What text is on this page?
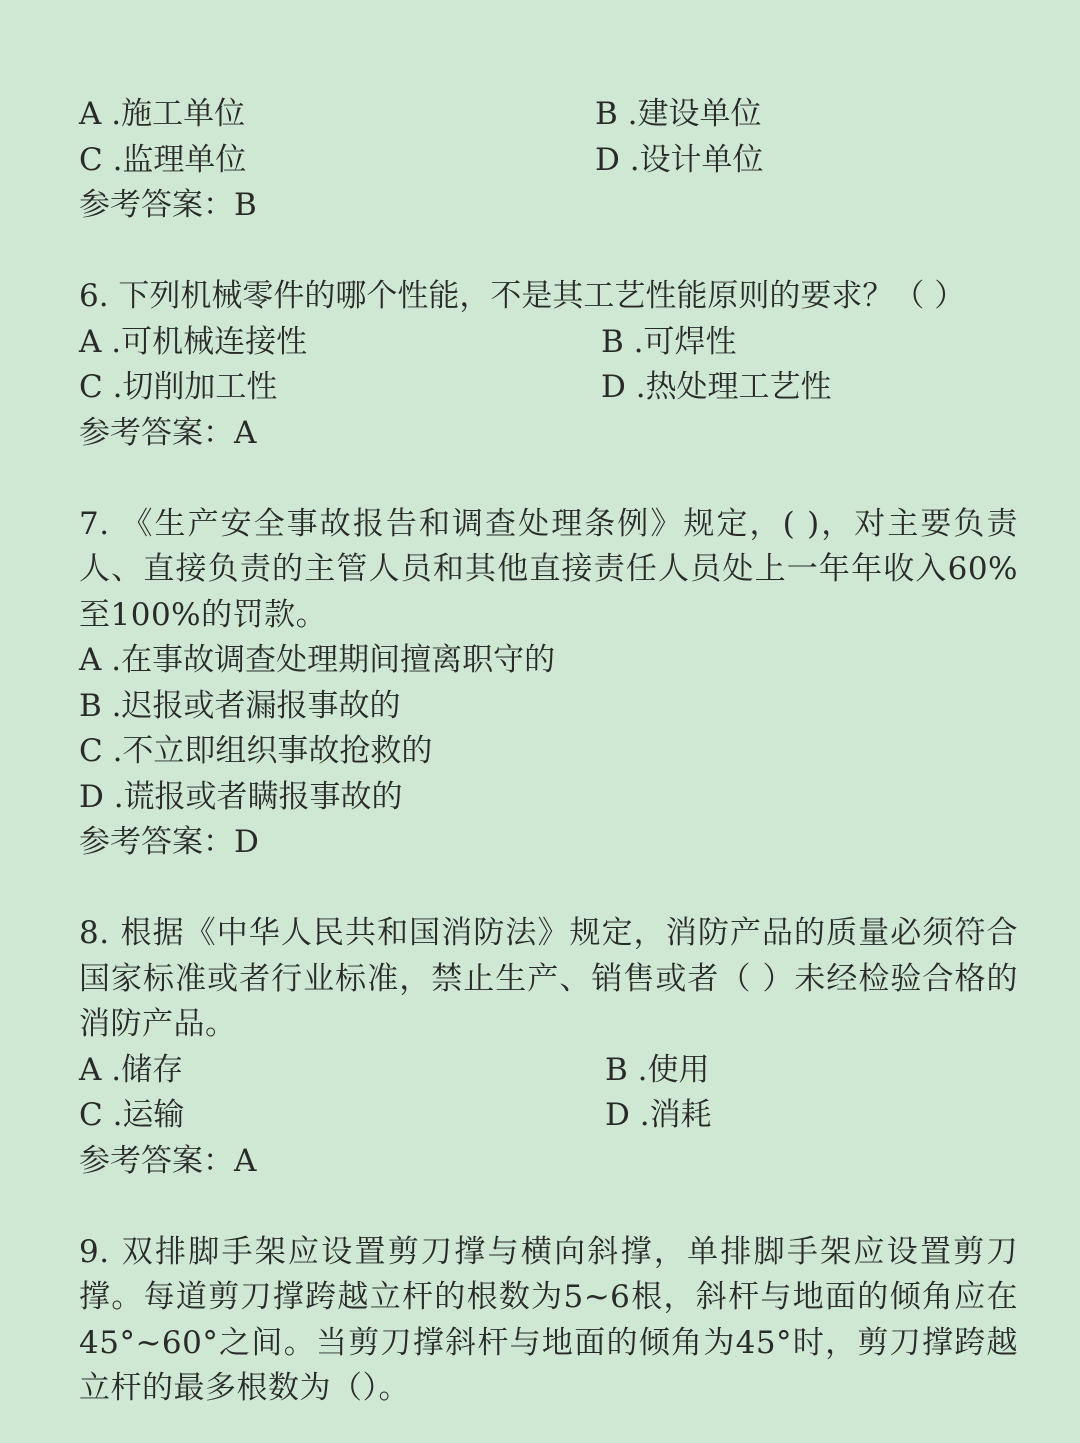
A .施工单位	B .建设单位
C .监理单位	D .设计单位
参考答案：B
6. 下列机械零件的哪个性能，不是其工艺性能原则的要求？（ ）
A .可机械连接性	B .可焊性
C .切削加工性	D .热处理工艺性
参考答案：A
7. 《生产安全事故报告和调查处理条例》规定，( )，对主要负责人、直接负责的主管人员和其他直接责任人员处上一年年收入60%至100%的罚款。
A .在事故调查处理期间擅离职守的
B .迟报或者漏报事故的
C .不立即组织事故抢救的
D .谎报或者瞒报事故的
参考答案：D
8. 根据《中华人民共和国消防法》规定，消防产品的质量必须符合国家标准或者行业标准，禁止生产、销售或者（ ）未经检验合格的消防产品。
A .储存	B .使用
C .运输	D .消耗
参考答案：A
9. 双排脚手架应设置剪刀撑与横向斜撑，单排脚手架应设置剪刀撑。每道剪刀撑跨越立杆的根数为5~6根，斜杆与地面的倾角应在45°~60°之间。当剪刀撑斜杆与地面的倾角为45°时，剪刀撑跨越立杆的最多根数为（）。
